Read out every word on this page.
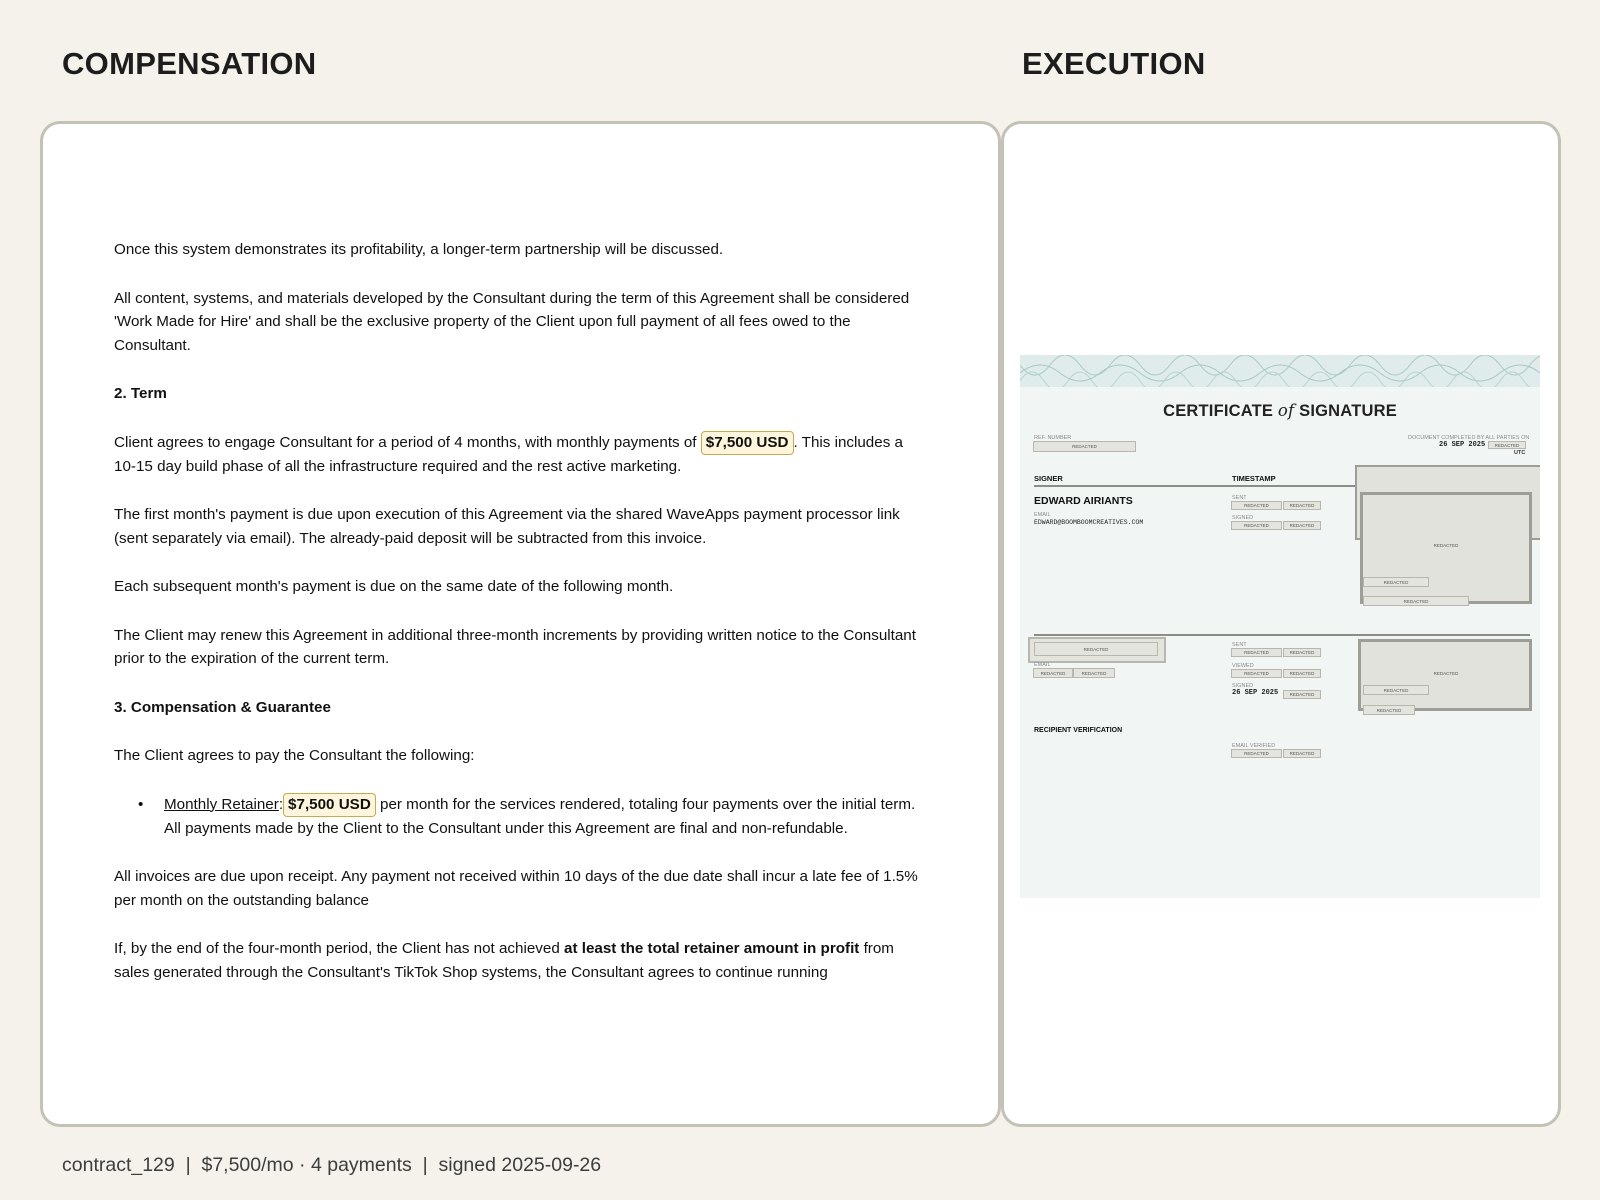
COMPENSATION	EXECUTION

Once this system demonstrates its profitability, a longer-term partnership will be discussed.

All content, systems, and materials developed by the Consultant during the term of this Agreement shall be considered 'Work Made for Hire' and shall be the exclusive property of the Client upon full payment of all fees owed to the Consultant.

2. Term

Client agrees to engage Consultant for a period of 4 months, with monthly payments of $7,500 USD . This includes a 10-15 day build phase of all the infrastructure required and the rest active marketing.

The first month's payment is due upon execution of this Agreement via the shared WaveApps payment processor link (sent separately via email). The already-paid deposit will be subtracted from this invoice.

Each subsequent month's payment is due on the same date of the following month.

The Client may renew this Agreement in additional three-month increments by providing written notice to the Consultant prior to the expiration of the current term.

3. Compensation & Guarantee

The Client agrees to pay the Consultant the following:

• Monthly Retainer: $7,500 USD per month for the services rendered, totaling four payments over the initial term. All payments made by the Client to the Consultant under this Agreement are final and non-refundable.

All invoices are due upon receipt. Any payment not received within 10 days of the due date shall incur a late fee of 1.5% per month on the outstanding balance

If, by the end of the four-month period, the Client has not achieved at least the total retainer amount in profit from sales generated through the Consultant's TikTok Shop systems, the Consultant agrees to continue running

CERTIFICATE of SIGNATURE
REF. NUMBER
REDACTED
DOCUMENT COMPLETED BY ALL PARTIES ON
26 SEP 2025	REDACTED
UTC
SIGNER	TIMESTAMP
EDWARD AIRIANTS
EMAIL
EDWARD@BOOMBOOMCREATIVES.COM
SENT
REDACTED	REDACTED
SIGNED
REDACTED	REDACTED
REDACTED
REDACTED
REDACTED
REDACTED
EMAIL
REDACTED	REDACTED
SENT
REDACTED	REDACTED
VIEWED
REDACTED	REDACTED
SIGNED
26 SEP 2025	REDACTED
REDACTED
REDACTED
REDACTED
RECIPIENT VERIFICATION
EMAIL VERIFIED
REDACTED	REDACTED
contract_129  |  $7,500/mo · 4 payments  |  signed 2025-09-26
